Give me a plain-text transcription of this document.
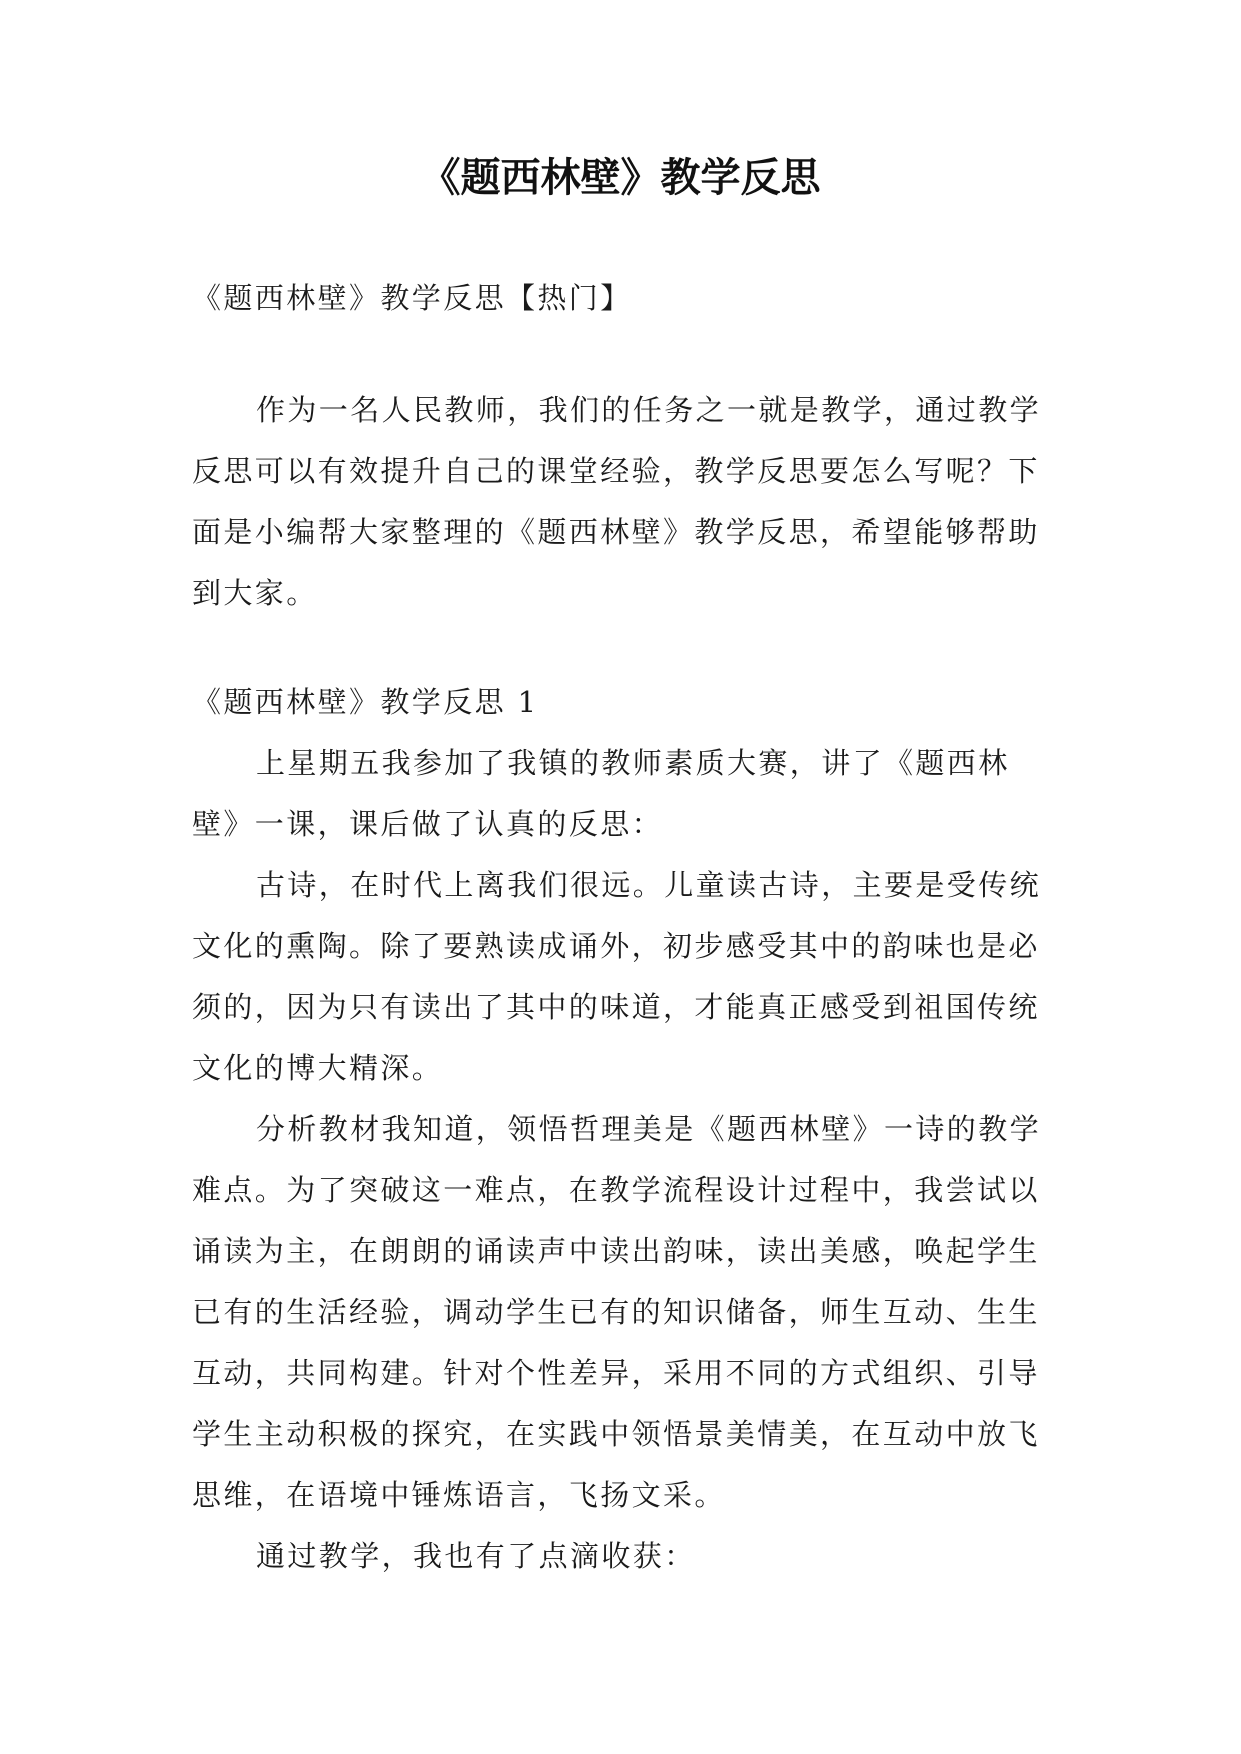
《题西林壁》教学反思

《题西林壁》教学反思【热门】

作为一名人民教师，我们的任务之一就是教学，通过教学反思可以有效提升自己的课堂经验，教学反思要怎么写呢？下面是小编帮大家整理的《题西林壁》教学反思，希望能够帮助到大家。

《题西林壁》教学反思 1

上星期五我参加了我镇的教师素质大赛，讲了《题西林壁》一课，课后做了认真的反思：

古诗，在时代上离我们很远。儿童读古诗，主要是受传统文化的熏陶。除了要熟读成诵外，初步感受其中的韵味也是必须的，因为只有读出了其中的味道，才能真正感受到祖国传统文化的博大精深。

分析教材我知道，领悟哲理美是《题西林壁》一诗的教学难点。为了突破这一难点，在教学流程设计过程中，我尝试以诵读为主，在朗朗的诵读声中读出韵味，读出美感，唤起学生已有的生活经验，调动学生已有的知识储备，师生互动、生生互动，共同构建。针对个性差异，采用不同的方式组织、引导学生主动积极的探究，在实践中领悟景美情美，在互动中放飞思维，在语境中锤炼语言，飞扬文采。

通过教学，我也有了点滴收获：
